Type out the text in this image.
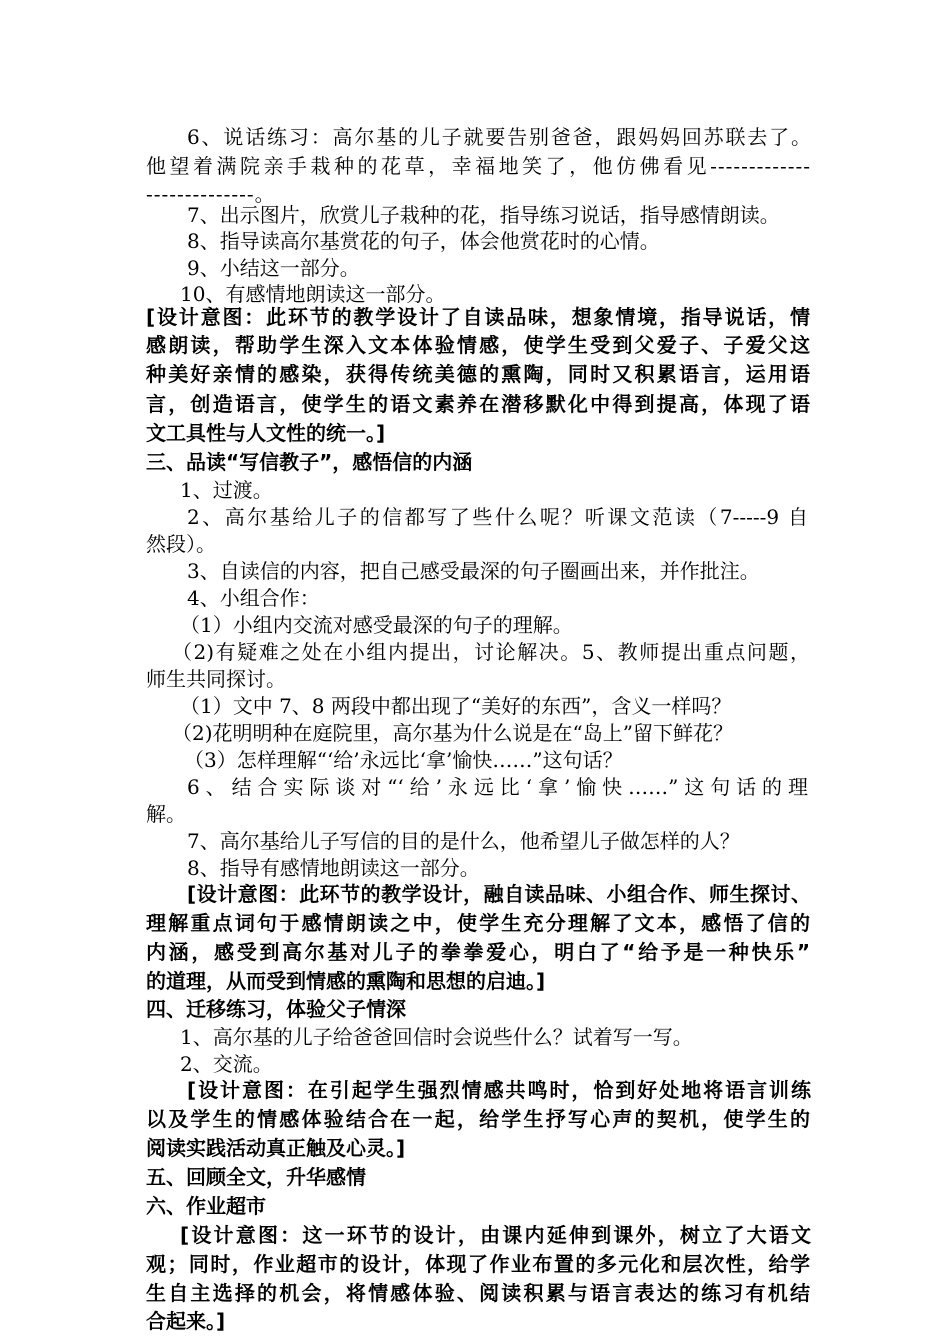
6、说话练习：高尔基的儿子就要告别爸爸，跟妈妈回苏联去了。

他望着满院亲手栽种的花草，幸福地笑了，他仿佛看见-------------

--------------。

7、出示图片，欣赏儿子栽种的花，指导练习说话，指导感情朗读。

8、指导读高尔基赏花的句子，体会他赏花时的心情。

9、小结这一部分。

10、有感情地朗读这一部分。

[设计意图：此环节的教学设计了自读品味，想象情境，指导说话，情

感朗读，帮助学生深入文本体验情感，使学生受到父爱子、子爱父这

种美好亲情的感染，获得传统美德的熏陶，同时又积累语言，运用语

言，创造语言，使学生的语文素养在潜移默化中得到提高，体现了语

文工具性与人文性的统一。]

三、品读“写信教子”，感悟信的内涵

1、过渡。

2、高尔基给儿子的信都写了些什么呢？听课文范读（7-----9 自

然段）。

3、自读信的内容，把自己感受最深的句子圈画出来，并作批注。

4、小组合作：

（1）小组内交流对感受最深的句子的理解。

（2)有疑难之处在小组内提出，讨论解决。5、教师提出重点问题，

师生共同探讨。

（1）文中 7、8 两段中都出现了“美好的东西”，含义一样吗？

（2)花明明种在庭院里，高尔基为什么说是在“岛上”留下鲜花？

（3）怎样理解“‘给’永远比‘拿’愉快……”这句话？

6、结合实际谈对“‘给’永远比‘拿’愉快……”这句话的理

解。

7、高尔基给儿子写信的目的是什么，他希望儿子做怎样的人？

8、指导有感情地朗读这一部分。

[设计意图：此环节的教学设计，融自读品味、小组合作、师生探讨、

理解重点词句于感情朗读之中，使学生充分理解了文本，感悟了信的

内涵，感受到高尔基对儿子的拳拳爱心，明白了“给予是一种快乐”

的道理，从而受到情感的熏陶和思想的启迪。]

四、迁移练习，体验父子情深

1、高尔基的儿子给爸爸回信时会说些什么？试着写一写。

2、交流。

[设计意图：在引起学生强烈情感共鸣时，恰到好处地将语言训练

以及学生的情感体验结合在一起，给学生抒写心声的契机，使学生的

阅读实践活动真正触及心灵。]

五、回顾全文，升华感情

六、作业超市

[设计意图：这一环节的设计，由课内延伸到课外，树立了大语文

观；同时，作业超市的设计，体现了作业布置的多元化和层次性，给学

生自主选择的机会，将情感体验、阅读积累与语言表达的练习有机结

合起来。]
